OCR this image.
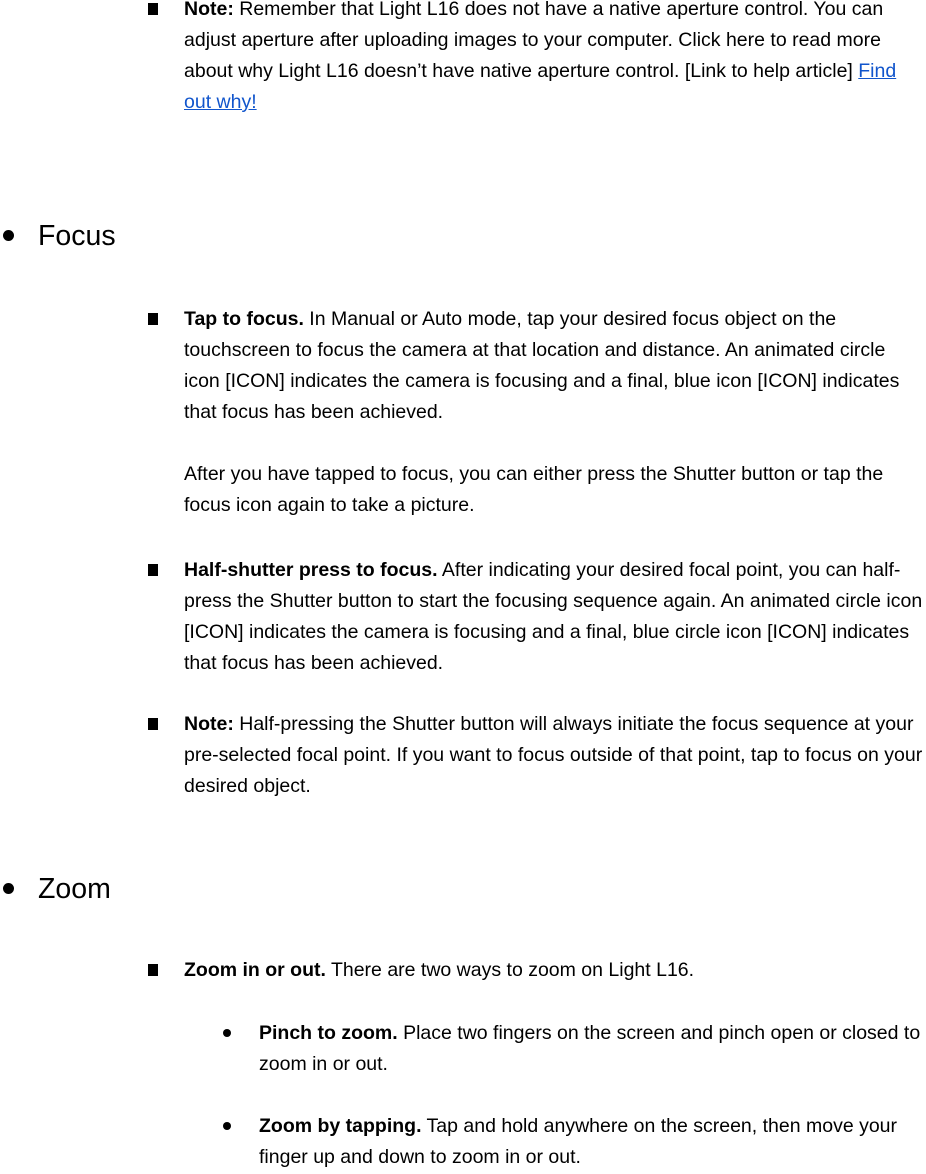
Note: Remember that Light L16 does not have a native aperture control. You can adjust aperture after uploading images to your computer. Click here to read more about why Light L16 doesn’t have native aperture control. [Link to help article] Find out why!
Focus
Tap to focus. In Manual or Auto mode, tap your desired focus object on the touchscreen to focus the camera at that location and distance. An animated circle icon [ICON] indicates the camera is focusing and a final, blue icon [ICON] indicates that focus has been achieved.
After you have tapped to focus, you can either press the Shutter button or tap the focus icon again to take a picture.
Half-shutter press to focus. After indicating your desired focal point, you can half-press the Shutter button to start the focusing sequence again. An animated circle icon [ICON] indicates the camera is focusing and a final, blue circle icon [ICON] indicates that focus has been achieved.
Note: Half-pressing the Shutter button will always initiate the focus sequence at your pre-selected focal point. If you want to focus outside of that point, tap to focus on your desired object.
Zoom
Zoom in or out. There are two ways to zoom on Light L16.
Pinch to zoom. Place two fingers on the screen and pinch open or closed to zoom in or out.
Zoom by tapping. Tap and hold anywhere on the screen, then move your finger up and down to zoom in or out.
